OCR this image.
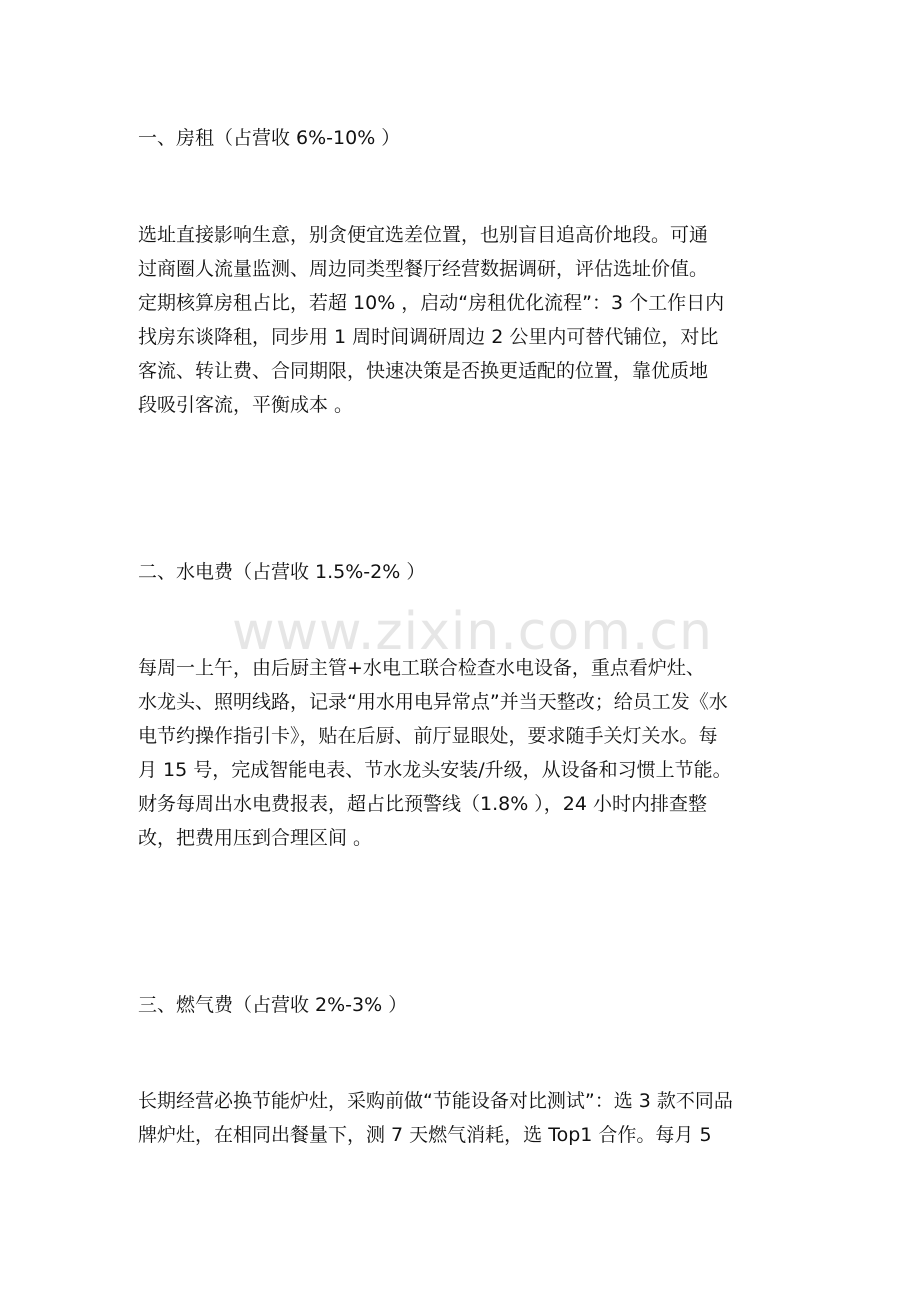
一、房租（占营收 6%-10% ）
选址直接影响生意，别贪便宜选差位置，也别盲目追高价地段。可通
过商圈人流量监测、周边同类型餐厅经营数据调研，评估选址价值。
定期核算房租占比，若超 10% ，启动“房租优化流程”：3 个工作日内
找房东谈降租，同步用 1 周时间调研周边 2 公里内可替代铺位，对比
客流、转让费、合同期限，快速决策是否换更适配的位置，靠优质地
段吸引客流，平衡成本 。
二、水电费（占营收 1.5%-2% ）
www.zixin.com.cn
每周一上午，由后厨主管+水电工联合检查水电设备，重点看炉灶、
水龙头、照明线路，记录“用水用电异常点”并当天整改；给员工发《水
电节约操作指引卡》，贴在后厨、前厅显眼处，要求随手关灯关水。每
月 15 号，完成智能电表、节水龙头安装/升级，从设备和习惯上节能。
财务每周出水电费报表，超占比预警线（1.8% ），24 小时内排查整
改，把费用压到合理区间 。
三、燃气费（占营收 2%-3% ）
长期经营必换节能炉灶，采购前做“节能设备对比测试”：选 3 款不同品
牌炉灶，在相同出餐量下，测 7 天燃气消耗，选 Top1 合作。每月 5
